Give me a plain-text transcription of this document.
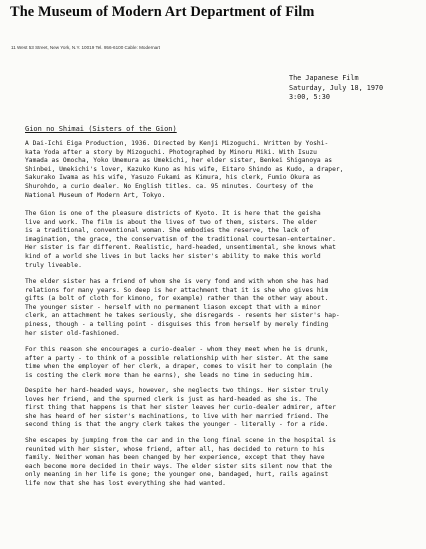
The Museum of Modern Art Department of Film
11 West 53 Street, New York, N.Y. 10019 Tel. 956-6100 Cable: Modernart
The Japanese Film
Saturday, July 18, 1970
3:00, 5:30
Gion no Shimai (Sisters of the Gion)
A Dai-Ichi Eiga Production, 1936. Directed by Kenji Mizoguchi. Written by Yoshi-
kata Yoda after a story by Mizoguchi. Photographed by Minoru Miki. With Isuzu
Yamada as Omocha, Yoko Umemura as Umekichi, her elder sister, Benkei Shiganoya as
Shinbei, Umekichi's lover, Kazuko Kuno as his wife, Eitaro Shindo as Kudo, a draper,
Sakurako Iwama as his wife, Yasuzo Fukami as Kimura, his clerk, Fumio Okura as
Shurohdo, a curio dealer. No English titles. ca. 95 minutes. Courtesy of the
National Museum of Modern Art, Tokyo.
The Gion is one of the pleasure districts of Kyoto. It is here that the geisha
live and work. The film is about the lives of two of them, sisters. The elder
is a traditional, conventional woman. She embodies the reserve, the lack of
imagination, the grace, the conservatism of the traditional courtesan-entertainer.
Her sister is far different. Realistic, hard-headed, unsentimental, she knows what
kind of a world she lives in but lacks her sister's ability to make this world
truly liveable.
The elder sister has a friend of whom she is very fond and with whom she has had
relations for many years. So deep is her attachment that it is she who gives him
gifts (a bolt of cloth for kimono, for example) rather than the other way about.
The younger sister - herself with no permanent liason except that with a minor
clerk, an attachment he takes seriously, she disregards - resents her sister's hap-
piness, though - a telling point - disguises this from herself by merely finding
her sister old-fashioned.
For this reason she encourages a curio-dealer - whom they meet when he is drunk,
after a party - to think of a possible relationship with her sister. At the same
time when the employer of her clerk, a draper, comes to visit her to complain (he
is costing the clerk more than he earns), she leads no time in seducing him.
Despite her hard-headed ways, however, she neglects two things. Her sister truly
loves her friend, and the spurned clerk is just as hard-headed as she is. The
first thing that happens is that her sister leaves her curio-dealer admirer, after
she has heard of her sister's machinations, to live with her married friend. The
second thing is that the angry clerk takes the younger - literally - for a ride.
She escapes by jumping from the car and in the long final scene in the hospital is
reunited with her sister, whose friend, after all, has decided to return to his
family. Neither woman has been changed by her experience, except that they have
each become more decided in their ways. The elder sister sits silent now that the
only meaning in her life is gone; the younger one, bandaged, hurt, rails against
life now that she has lost everything she had wanted.
